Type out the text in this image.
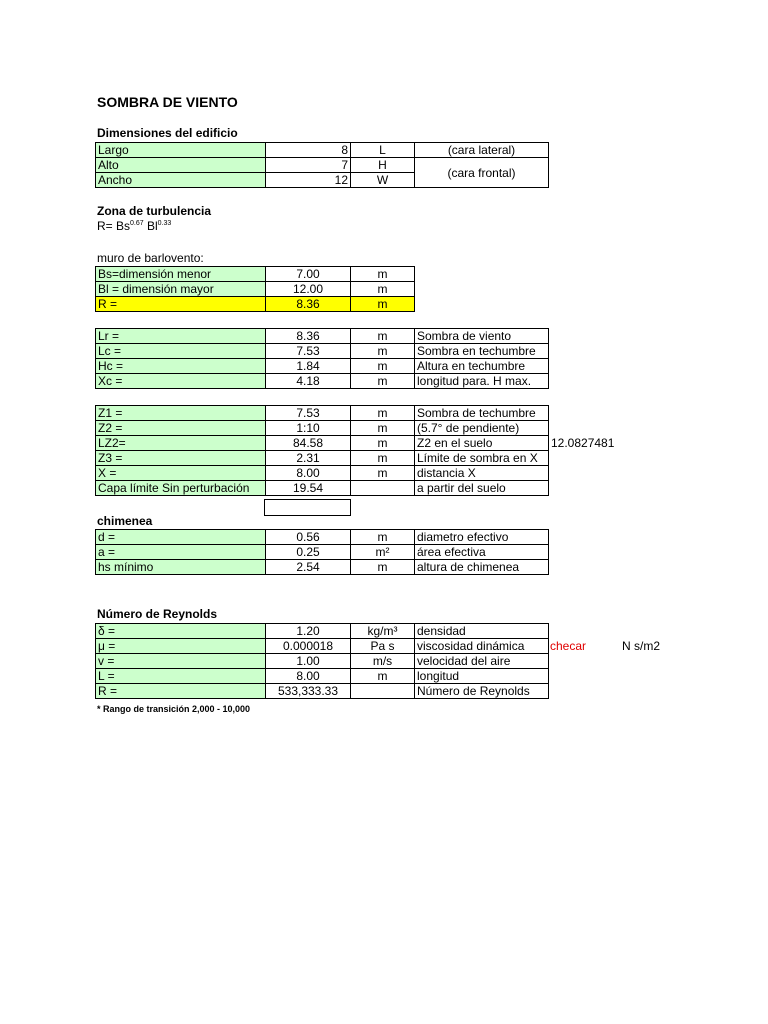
SOMBRA DE VIENTO
Dimensiones del edificio
Largo	8	L	(cara lateral)
Alto	7	H	(cara frontal)
Ancho	12	W	
Zona de turbulencia
$R= Bs^{0.67}$ $Bl^{0.33}$
muro de barlovento:
Bs=dimensión menor	7.00	m
Bl = dimensión mayor	12.00	m
R =	8.36	m
Lr =	8.36	m	Sombra de viento
Lc =	7.53	m	Sombra en techumbre
Hc =	1.84	m	Altura en techumbre
Xc =	4.18	m	longitud para. H max.
Z1 =	7.53	m	Sombra de techumbre
Z2 =	1:10	m	(5.7° de pendiente)
LZ2=	84.58	m	Z2 en el suelo
Z3 =	2.31	m	Límite de sombra en X
X =	8.00	m	distancia X
Capa límite Sin perturbación	19.54		a partir del suelo
12.0827481
chimenea
d =	0.56	m	diametro efectivo
a =	0.25	m²	área efectiva
hs mínimo	2.54	m	altura de chimenea
Número de Reynolds
δ =	1.20	kg/m³	densidad
μ =	0.000018	Pa s	viscosidad dinámica
v =	1.00	m/s	velocidad del aire
L =	8.00	m	longitud
R =	533,333.33		Número de Reynolds
checar	N s/m2
* Rango de transición 2,000 - 10,000
